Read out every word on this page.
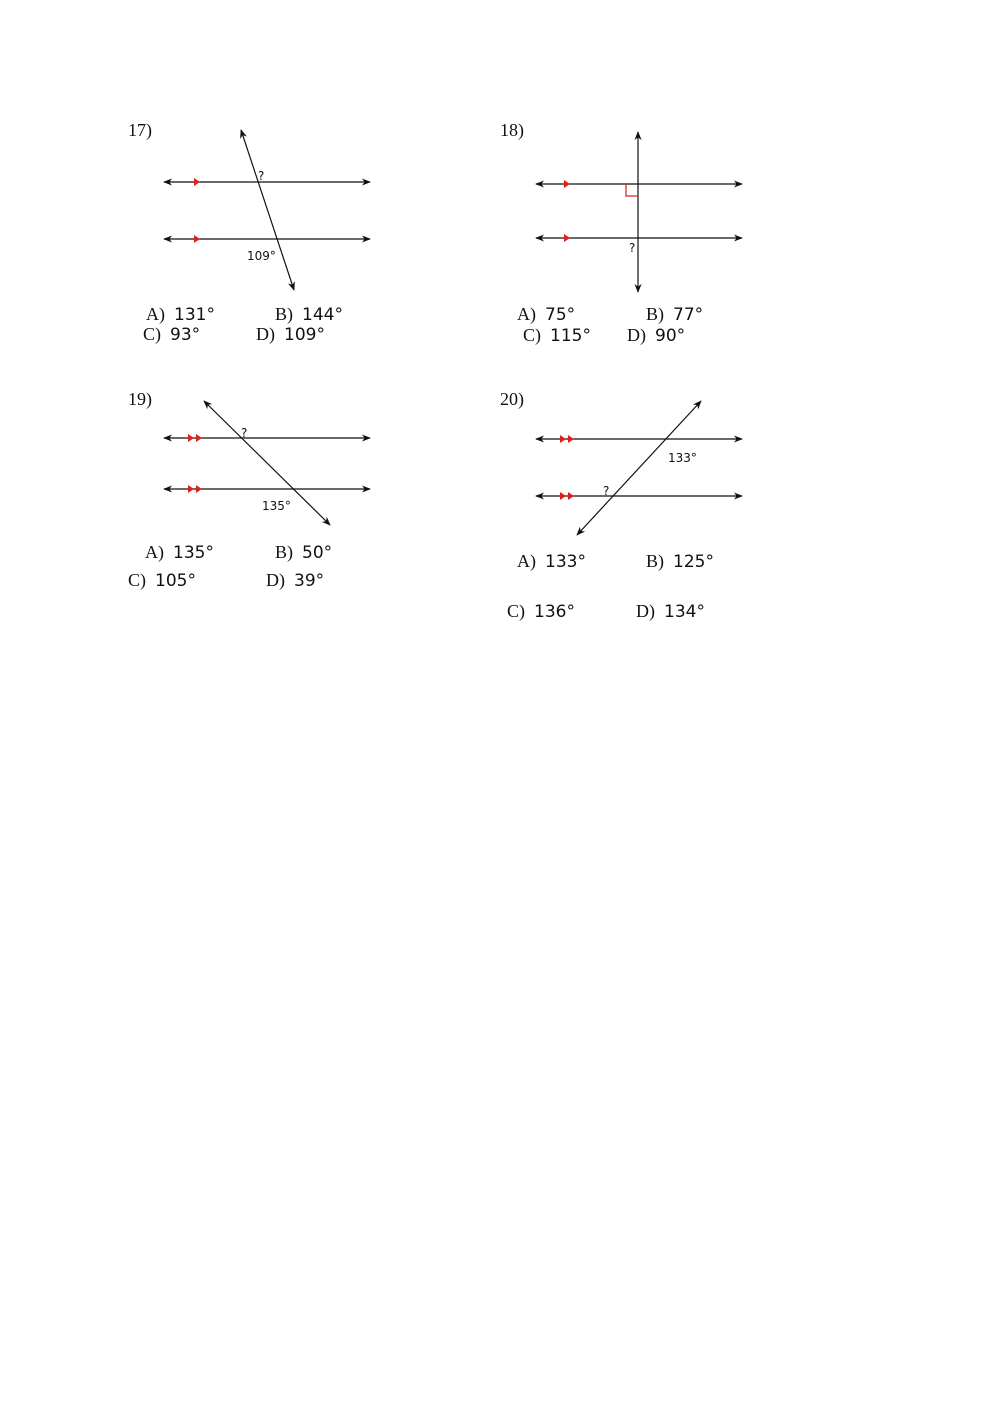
17)
?
109°
A) 131°	B) 144°
C) 93°	D) 109°
18)
?
A) 75°	B) 77°
C) 115° D) 90°
19)
?
135°
A) 135°	B) 50°
C) 105°	D) 39°
20)
133°
?
A) 133°	B) 125°
C) 136°	D) 134°
